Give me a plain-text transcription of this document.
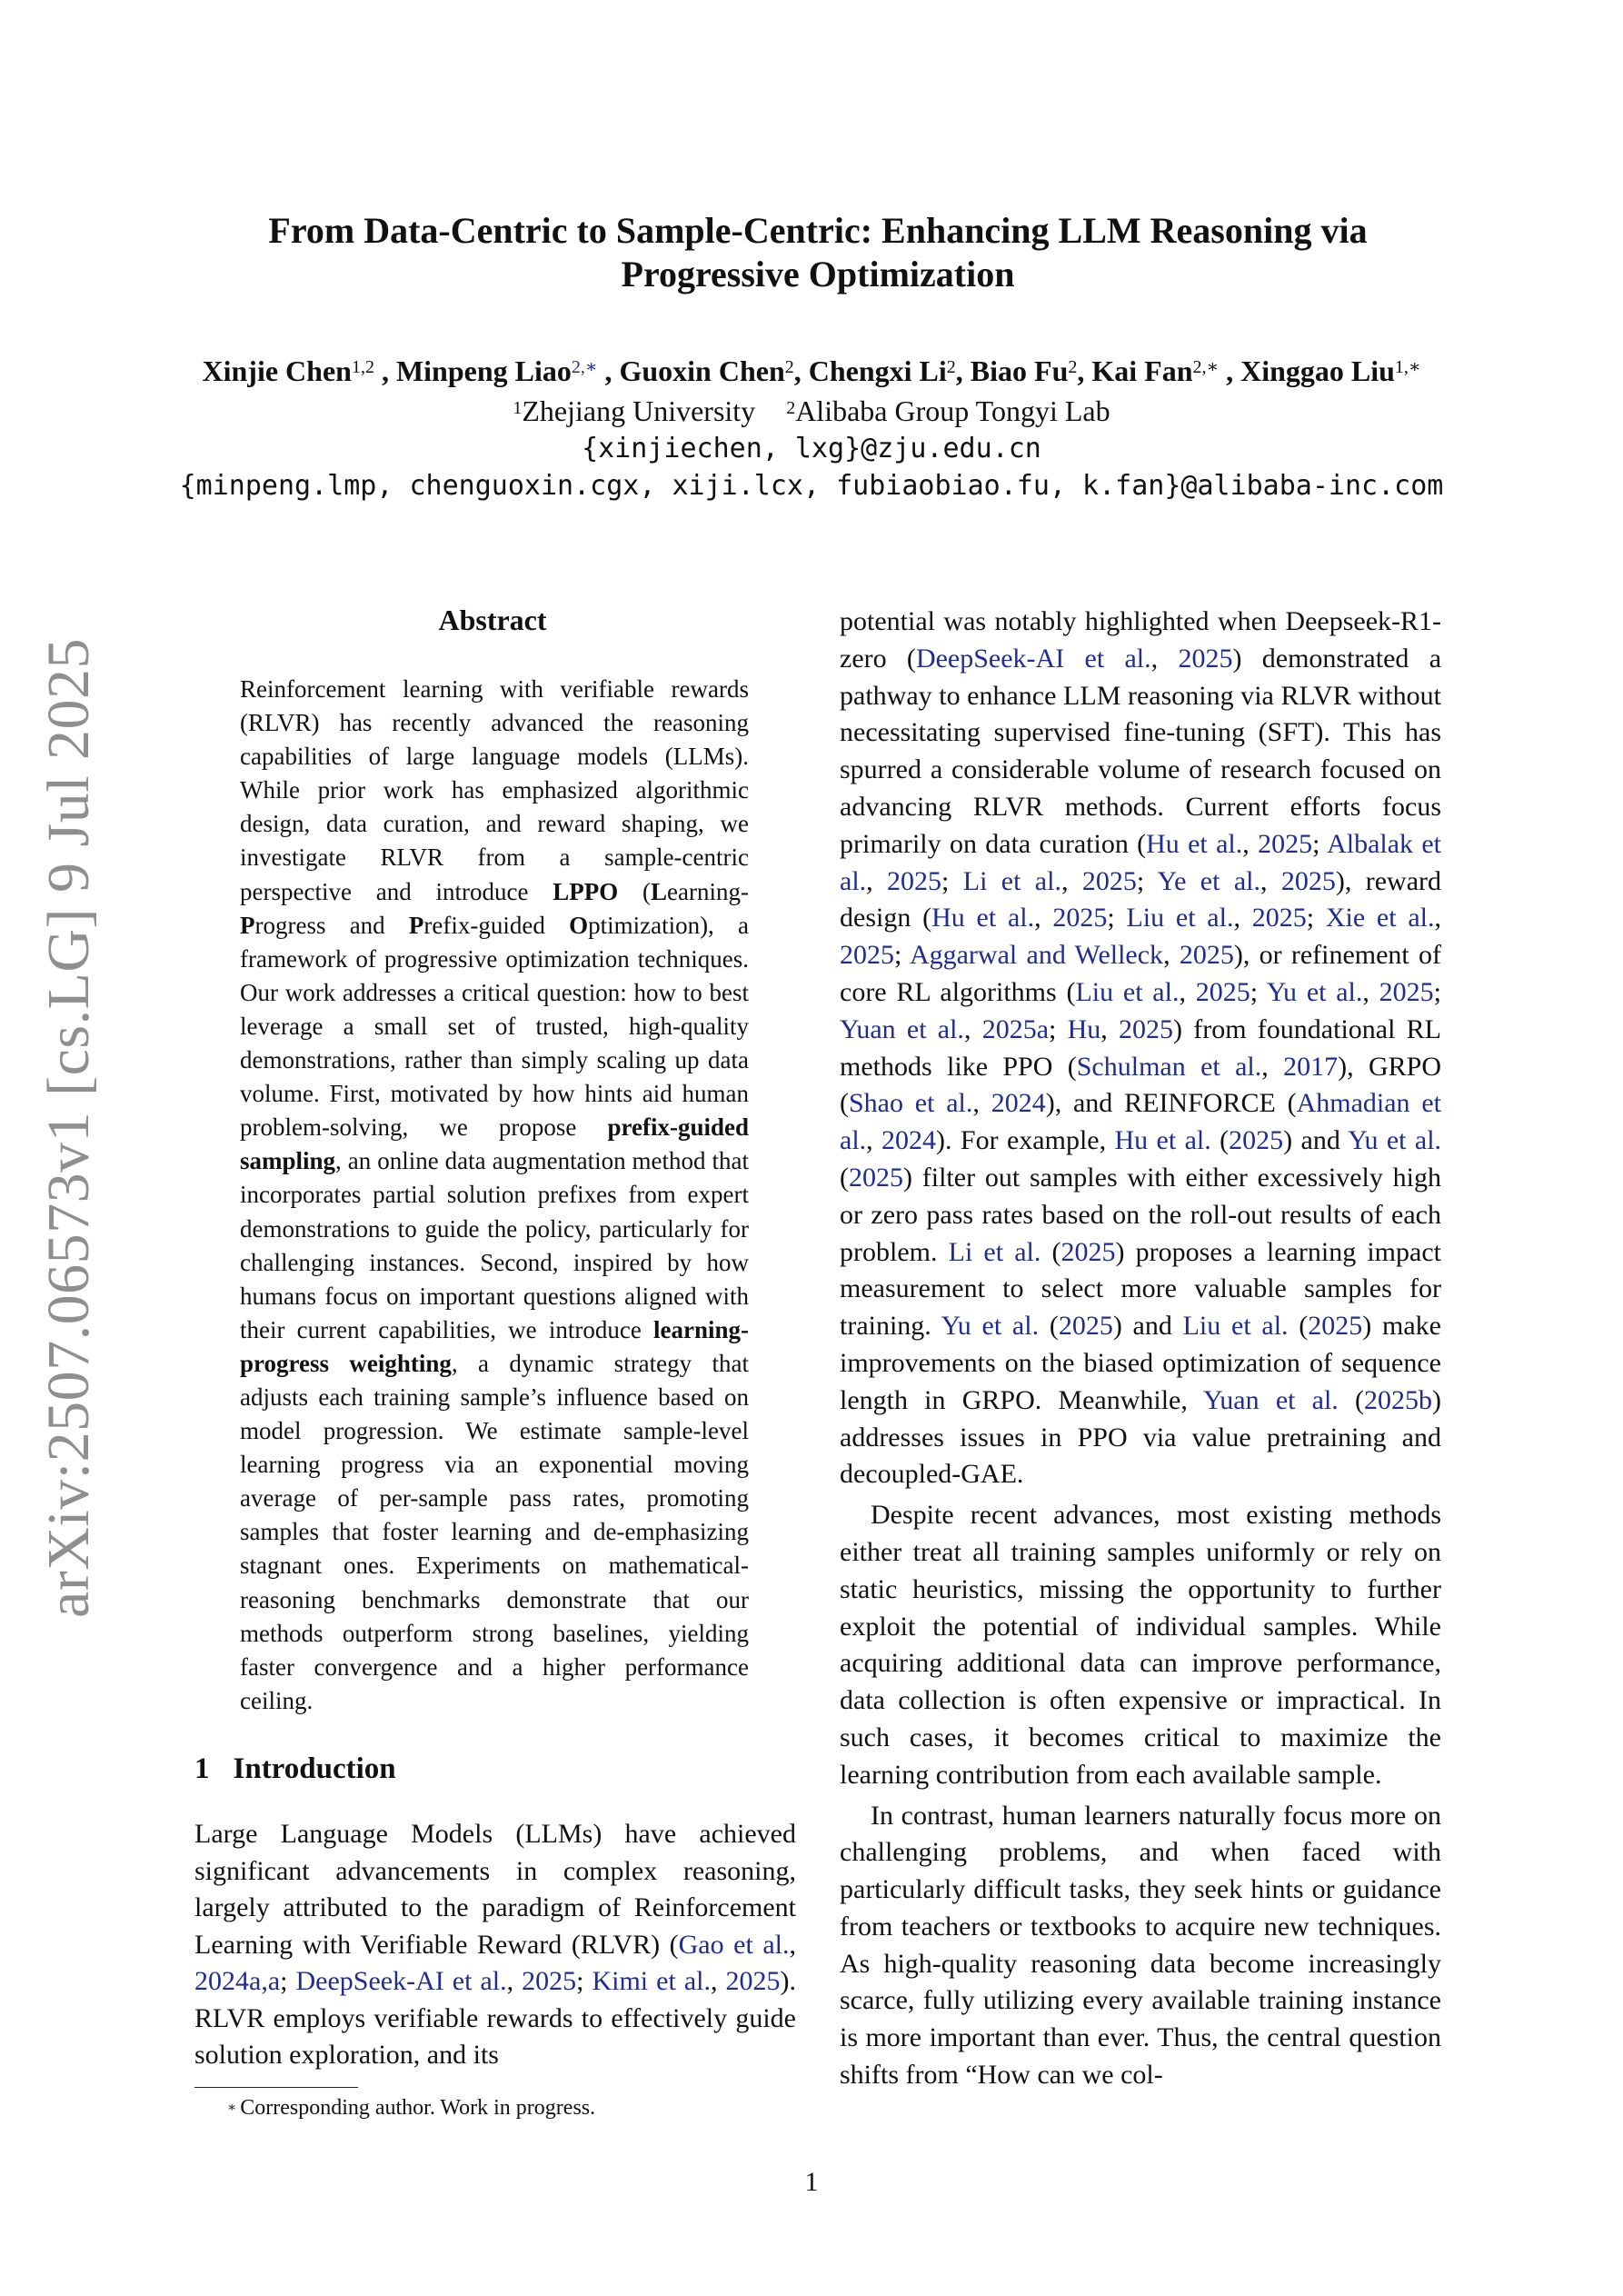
arXiv:2507.06573v1 [cs.LG] 9 Jul 2025
From Data-Centric to Sample-Centric: Enhancing LLM Reasoning via
Progressive Optimization
Xinjie Chen$^{1,2}$ , Minpeng Liao$^{2,∗}$ , Guoxin Chen$^2$, Chengxi Li$^2$, Biao Fu$^2$, Kai Fan$^{2,∗}$ , Xinggao Liu$^{1,∗}$
$^1$Zhejiang University $^2$Alibaba Group Tongyi Lab
{xinjiechen, lxg}@zju.edu.cn
{minpeng.lmp, chenguoxin.cgx, xiji.lcx, fubiaobiao.fu, k.fan}@alibaba-inc.com
Abstract
Reinforcement learning with verifiable rewards (RLVR) has recently advanced the reasoning capabilities of large language models (LLMs). While prior work has emphasized algorithmic design, data curation, and reward shaping, we investigate RLVR from a sample-centric perspective and introduce LPPO (Learning-Progress and Prefix-guided Optimization), a framework of progressive optimization techniques. Our work addresses a critical question: how to best leverage a small set of trusted, high-quality demonstrations, rather than simply scaling up data volume. First, motivated by how hints aid human problem-solving, we propose prefix-guided sampling, an online data augmentation method that incorporates partial solution prefixes from expert demonstrations to guide the policy, particularly for challenging instances. Second, inspired by how humans focus on important questions aligned with their current capabilities, we introduce learning-progress weighting, a dynamic strategy that adjusts each training sample’s influence based on model progression. We estimate sample-level learning progress via an exponential moving average of per-sample pass rates, promoting samples that foster learning and de-emphasizing stagnant ones. Experiments on mathematical-reasoning benchmarks demonstrate that our methods outperform strong baselines, yielding faster convergence and a higher performance ceiling.
1 Introduction
Large Language Models (LLMs) have achieved significant advancements in complex reasoning, largely attributed to the paradigm of Reinforcement Learning with Verifiable Reward (RLVR) (Gao et al., 2024a,a; DeepSeek-AI et al., 2025; Kimi et al., 2025). RLVR employs verifiable rewards to effectively guide solution exploration, and its

potential was notably highlighted when Deepseek-R1-zero (DeepSeek-AI et al., 2025) demonstrated a pathway to enhance LLM reasoning via RLVR without necessitating supervised fine-tuning (SFT). This has spurred a considerable volume of research focused on advancing RLVR methods. Current efforts focus primarily on data curation (Hu et al., 2025; Albalak et al., 2025; Li et al., 2025; Ye et al., 2025), reward design (Hu et al., 2025; Liu et al., 2025; Xie et al., 2025; Aggarwal and Welleck, 2025), or refinement of core RL algorithms (Liu et al., 2025; Yu et al., 2025; Yuan et al., 2025a; Hu, 2025) from foundational RL methods like PPO (Schulman et al., 2017), GRPO (Shao et al., 2024), and REINFORCE (Ahmadian et al., 2024). For example, Hu et al. (2025) and Yu et al. (2025) filter out samples with either excessively high or zero pass rates based on the roll-out results of each problem. Li et al. (2025) proposes a learning impact measurement to select more valuable samples for training. Yu et al. (2025) and Liu et al. (2025) make improvements on the biased optimization of sequence length in GRPO. Meanwhile, Yuan et al. (2025b) addresses issues in PPO via value pretraining and decoupled-GAE.

Despite recent advances, most existing methods either treat all training samples uniformly or rely on static heuristics, missing the opportunity to further exploit the potential of individual samples. While acquiring additional data can improve performance, data collection is often expensive or impractical. In such cases, it becomes critical to maximize the learning contribution from each available sample.

In contrast, human learners naturally focus more on challenging problems, and when faced with particularly difficult tasks, they seek hints or guidance from teachers or textbooks to acquire new techniques. As high-quality reasoning data become increasingly scarce, fully utilizing every available training instance is more important than ever. Thus, the central question shifts from “How can we col-

∗ Corresponding author. Work in progress.
1
